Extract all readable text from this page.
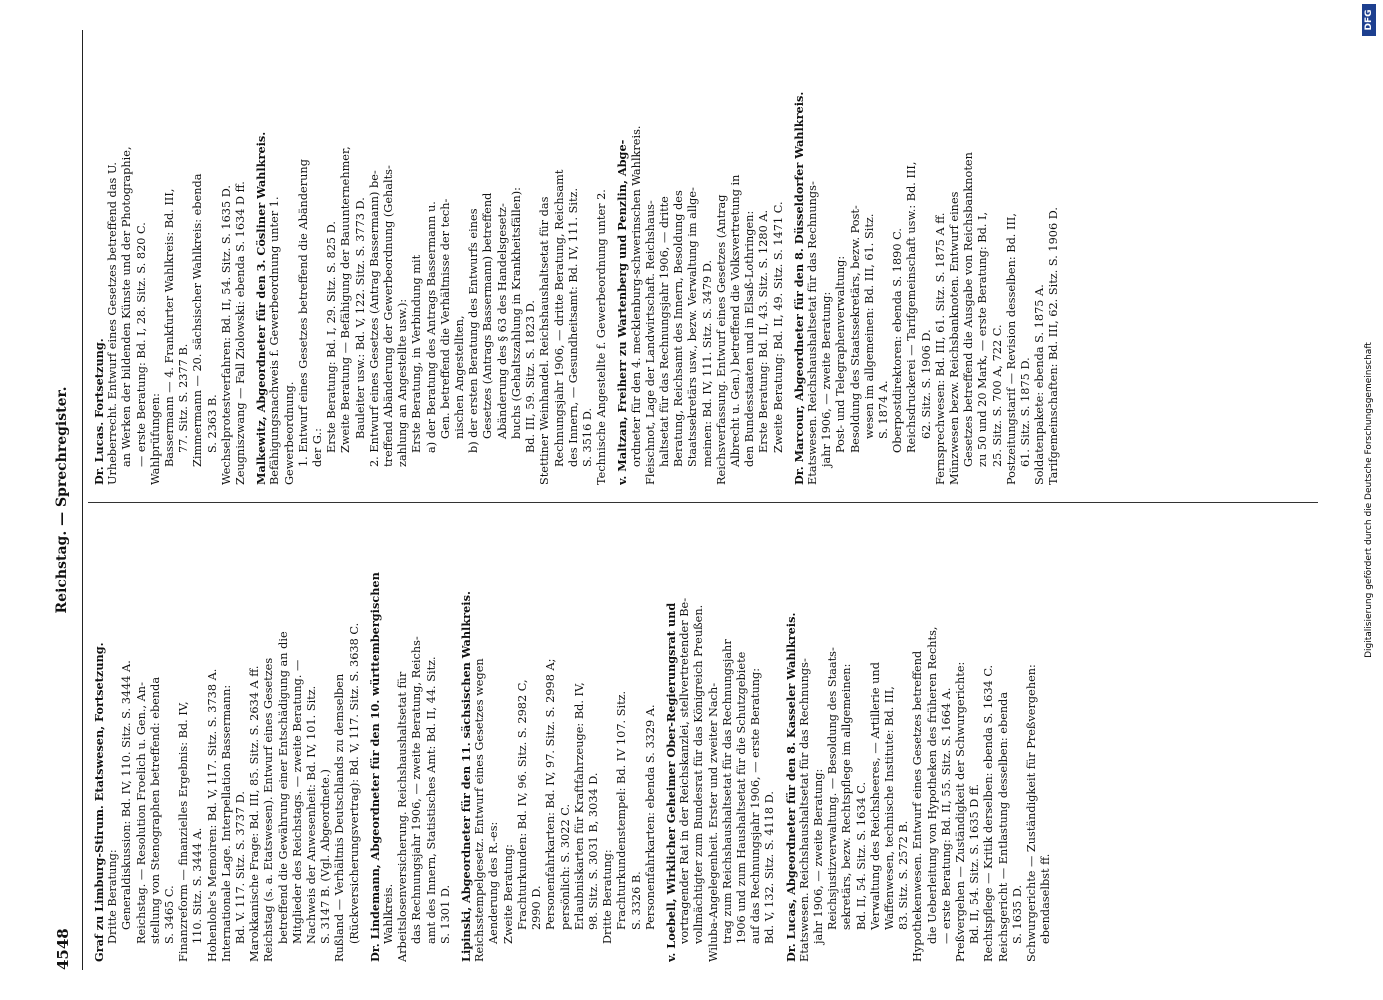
4548
Reichstag. — Sprechregister.
Graf zu Limburg-Stirum. Etatswesen, Fortsetzung. Dritte Beratung: Generaldiskussion: Bd. IV, 110. Sitz. S. 3444 A. Reichstag. — Resolution Froelich u. Gen., An- stellung von Stenographen betreffend: ebenda S. 3465 C. Finanzreform — finanzielles Ergebnis: Bd. IV, 110. Sitz. S. 3444 A. Hohenlohe's Memoiren: Bd. V, 117. Sitz. S. 3738 A. Internationale Lage. Interpellation Bassermann: Bd. V. 117. Sitz. S. 3737 D. Marokkanische Frage: Bd. III, 85. Sitz. S. 2634 A ff. Reichstag (s. a. Etatswesen). Entwurf eines Gesetzes betreffend die Gewährung einer Entschädigung an die Mitglieder des Reichstags. — zweite Beratung. — Nachweis der Anwesenheit: Bd. IV, 101. Sitz. S. 3147 B. (Vgl. Abgeordnete.) Rußland — Verhältnis Deutschlands zu demselben (Rückversicherungsvertrag): Bd. V, 117. Sitz. S. 3638 C. Dr. Lindemann, Abgeordneter für den 10. württembergischen Wahlkreis. Arbeitslosenversicherung. Reichshaushaltsetat für das Rechnungsjahr 1906, — zweite Beratung, Reichs- amt des Innern, Statistisches Amt: Bd. II, 44. Sitz. S. 1301 D. Lipinski, Abgeordneter für den 11. sächsischen Wahlkreis. Reichsstempelgesetz. Entwurf eines Gesetzes wegen Aenderung des R.-es: Zweite Beratung: Frachturkunden: Bd. IV, 96. Sitz. S. 2982 C, 2990 D. Personenfahrkarten: Bd. IV, 97. Sitz. S. 2998 A; persönlich: S. 3022 C. Erlaubniskarten für Kraftfahrzeuge: Bd. IV, 98. Sitz. S. 3031 B, 3034 D. Dritte Beratung: Frachturkundenstempel: Bd. IV 107. Sitz. S. 3326 B. Personenfahrkarten: ebenda S. 3329 A. v. Loebell, Wirklicher Geheimer Ober-Regierungsrat und vortragender Rat in der Reichskanzlei, stellvertretender Be- vollmächtigter zum Bundesrat für das Königreich Preußen. Wiluba-Angelegenheit. Erster und zweiter Nach- trag zum Reichshaushaltsetat für das Rechnungsjahr 1906 und zum Haushaltsetat für die Schutzgebiete auf das Rechnungsjahr 1906, — erste Beratung: Bd. V, 132. Sitz. S. 4118 D. Dr. Lucas, Abgeordneter für den 8. Kasseler Wahlkreis. Etatswesen. Reichshaushaltsetat für das Rechnungs- jahr 1906, — zweite Beratung: Reichsjustizverwaltung. — Besoldung des Staats- sekretärs, bezw. Rechtspflege im allgemeinen: Bd. II, 54. Sitz. S. 1634 C. Verwaltung des Reichsheeres, — Artillerie und Waffenwesen, technische Institute: Bd. III, 83. Sitz. S. 2572 B. Hypothekenwesen. Entwurf eines Gesetzes betreffend die Ueberleitung von Hypotheken des früheren Rechts, — erste Beratung: Bd. II, 55. Sitz. S. 1664 A. Preßvergehen — Zuständigkeit der Schwurgerichte: Bd. II, 54. Sitz. S. 1635 D ff. Rechtspflege — Kritik derselben: ebenda S. 1634 C. Reichsgericht — Entlastung desselben: ebenda S. 1635 D. Schwurgerichte — Zuständigkeit für Preßvergehen: ebendaselbst ff.
Dr. Lucas. Fortsetzung. Urheberrecht. Entwurf eines Gesetzes betreffend das U. an Werken der bildenden Künste und der Photographie, — erste Beratung: Bd. I, 28. Sitz. S. 820 C. Wahlprüfungen: Bassermann — 4. Frankfurter Wahlkreis: Bd. III, 77. Sitz. S. 2377 B. Zimmermann — 20. sächsischer Wahlkreis: ebenda S. 2363 B. Wechselprotestverfahren: Bd. II, 54. Sitz. S. 1635 D. Zeugniszwang — Fall Ziolowski: ebenda S. 1634 D ff. Malkewitz, Abgeordneter für den 3. Cösliner Wahlkreis. Befähigungsnachweis f. Gewerbeordnung unter 1. Gewerbeordnung. 1. Entwurf eines Gesetzes betreffend die Abänderung der G.: Erste Beratung: Bd. I, 29. Sitz. S. 825 D. Zweite Beratung — Befähigung der Bauunternehmer, Bauleiter usw.: Bd. V, 122. Sitz. S. 3773 D. 2. Entwurf eines Gesetzes (Antrag Bassermann) be- treffend Abänderung der Gewerbeordnung (Gehalts- zahlung an Angestellte usw.): Erste Beratung, in Verbindung mit a) der Beratung des Antrags Bassermann u. Gen. betreffend die Verhältnisse der tech- nischen Angestellten, b) der ersten Beratung des Entwurfs eines Gesetzes (Antrags Bassermann) betreffend Abänderung des § 63 des Handelsgesetz- buchs (Gehaltszahlung in Krankheitsfällen): Bd. III, 59. Sitz. S. 1823 D. Stettiner Weinhandel. Reichshaushaltsetat für das Rechnungsjahr 1906, — dritte Beratung, Reichsamt des Innern, — Gesundheitsamt: Bd. IV, 111. Sitz. S. 3516 D. Technische Angestellte f. Gewerbeordnung unter 2. v. Maltzan, Freiherr zu Wartenberg und Penzlin, Abge- ordneter für den 4. mecklenburg-schwerinschen Wahlkreis. Fleischnot, Lage der Landwirtschaft. Reichshaus- haltsetat für das Rechnungsjahr 1906, — dritte Beratung, Reichsamt des Innern, Besoldung des Staatssekretärs usw., bezw. Verwaltung im allge- meinen: Bd. IV, 111. Sitz. S. 3479 D. Reichsverfassung. Entwurf eines Gesetzes (Antrag Albrecht u. Gen.) betreffend die Volksvertretung in den Bundesstaaten und in Elsaß-Lothringen: Erste Beratung: Bd. II, 43. Sitz. S. 1280 A. Zweite Beratung: Bd. II, 49. Sitz. S. 1471 C. Dr. Marcour, Abgeordneter für den 8. Düsseldorfer Wahlkreis. Etatswesen. Reichshaushaltsetat für das Rechnungs- jahr 1906, — zweite Beratung: Post- und Telegraphenverwaltung: Besoldung des Staatssekretärs, bezw. Post- wesen im allgemeinen: Bd. III, 61. Sitz. S. 1874 A. Oberpostdirektoren: ebenda S. 1890 C. Reichsdruckerei — Tarifgemeinschaft usw.: Bd. III, 62. Sitz. S. 1906 D. Fernsprechwesen: Bd. III, 61. Sitz. S. 1875 A ff. Münzwesen bezw. Reichsbanknoten. Entwurf eines Gesetzes betreffend die Ausgabe von Reichsbanknoten zu 50 und 20 Mark, — erste Beratung: Bd. I, 25. Sitz. S. 700 A, 722 C. Postzeitungstarif — Revision desselben: Bd. III, 61. Sitz. S. 1875 D. Soldatenpakete: ebenda S. 1875 A. Tarifgemeinschaften: Bd. III, 62. Sitz. S. 1906 D.	Digitalisierung gefördert durch die Deutsche Forschungsgemeinschaft
DFG
